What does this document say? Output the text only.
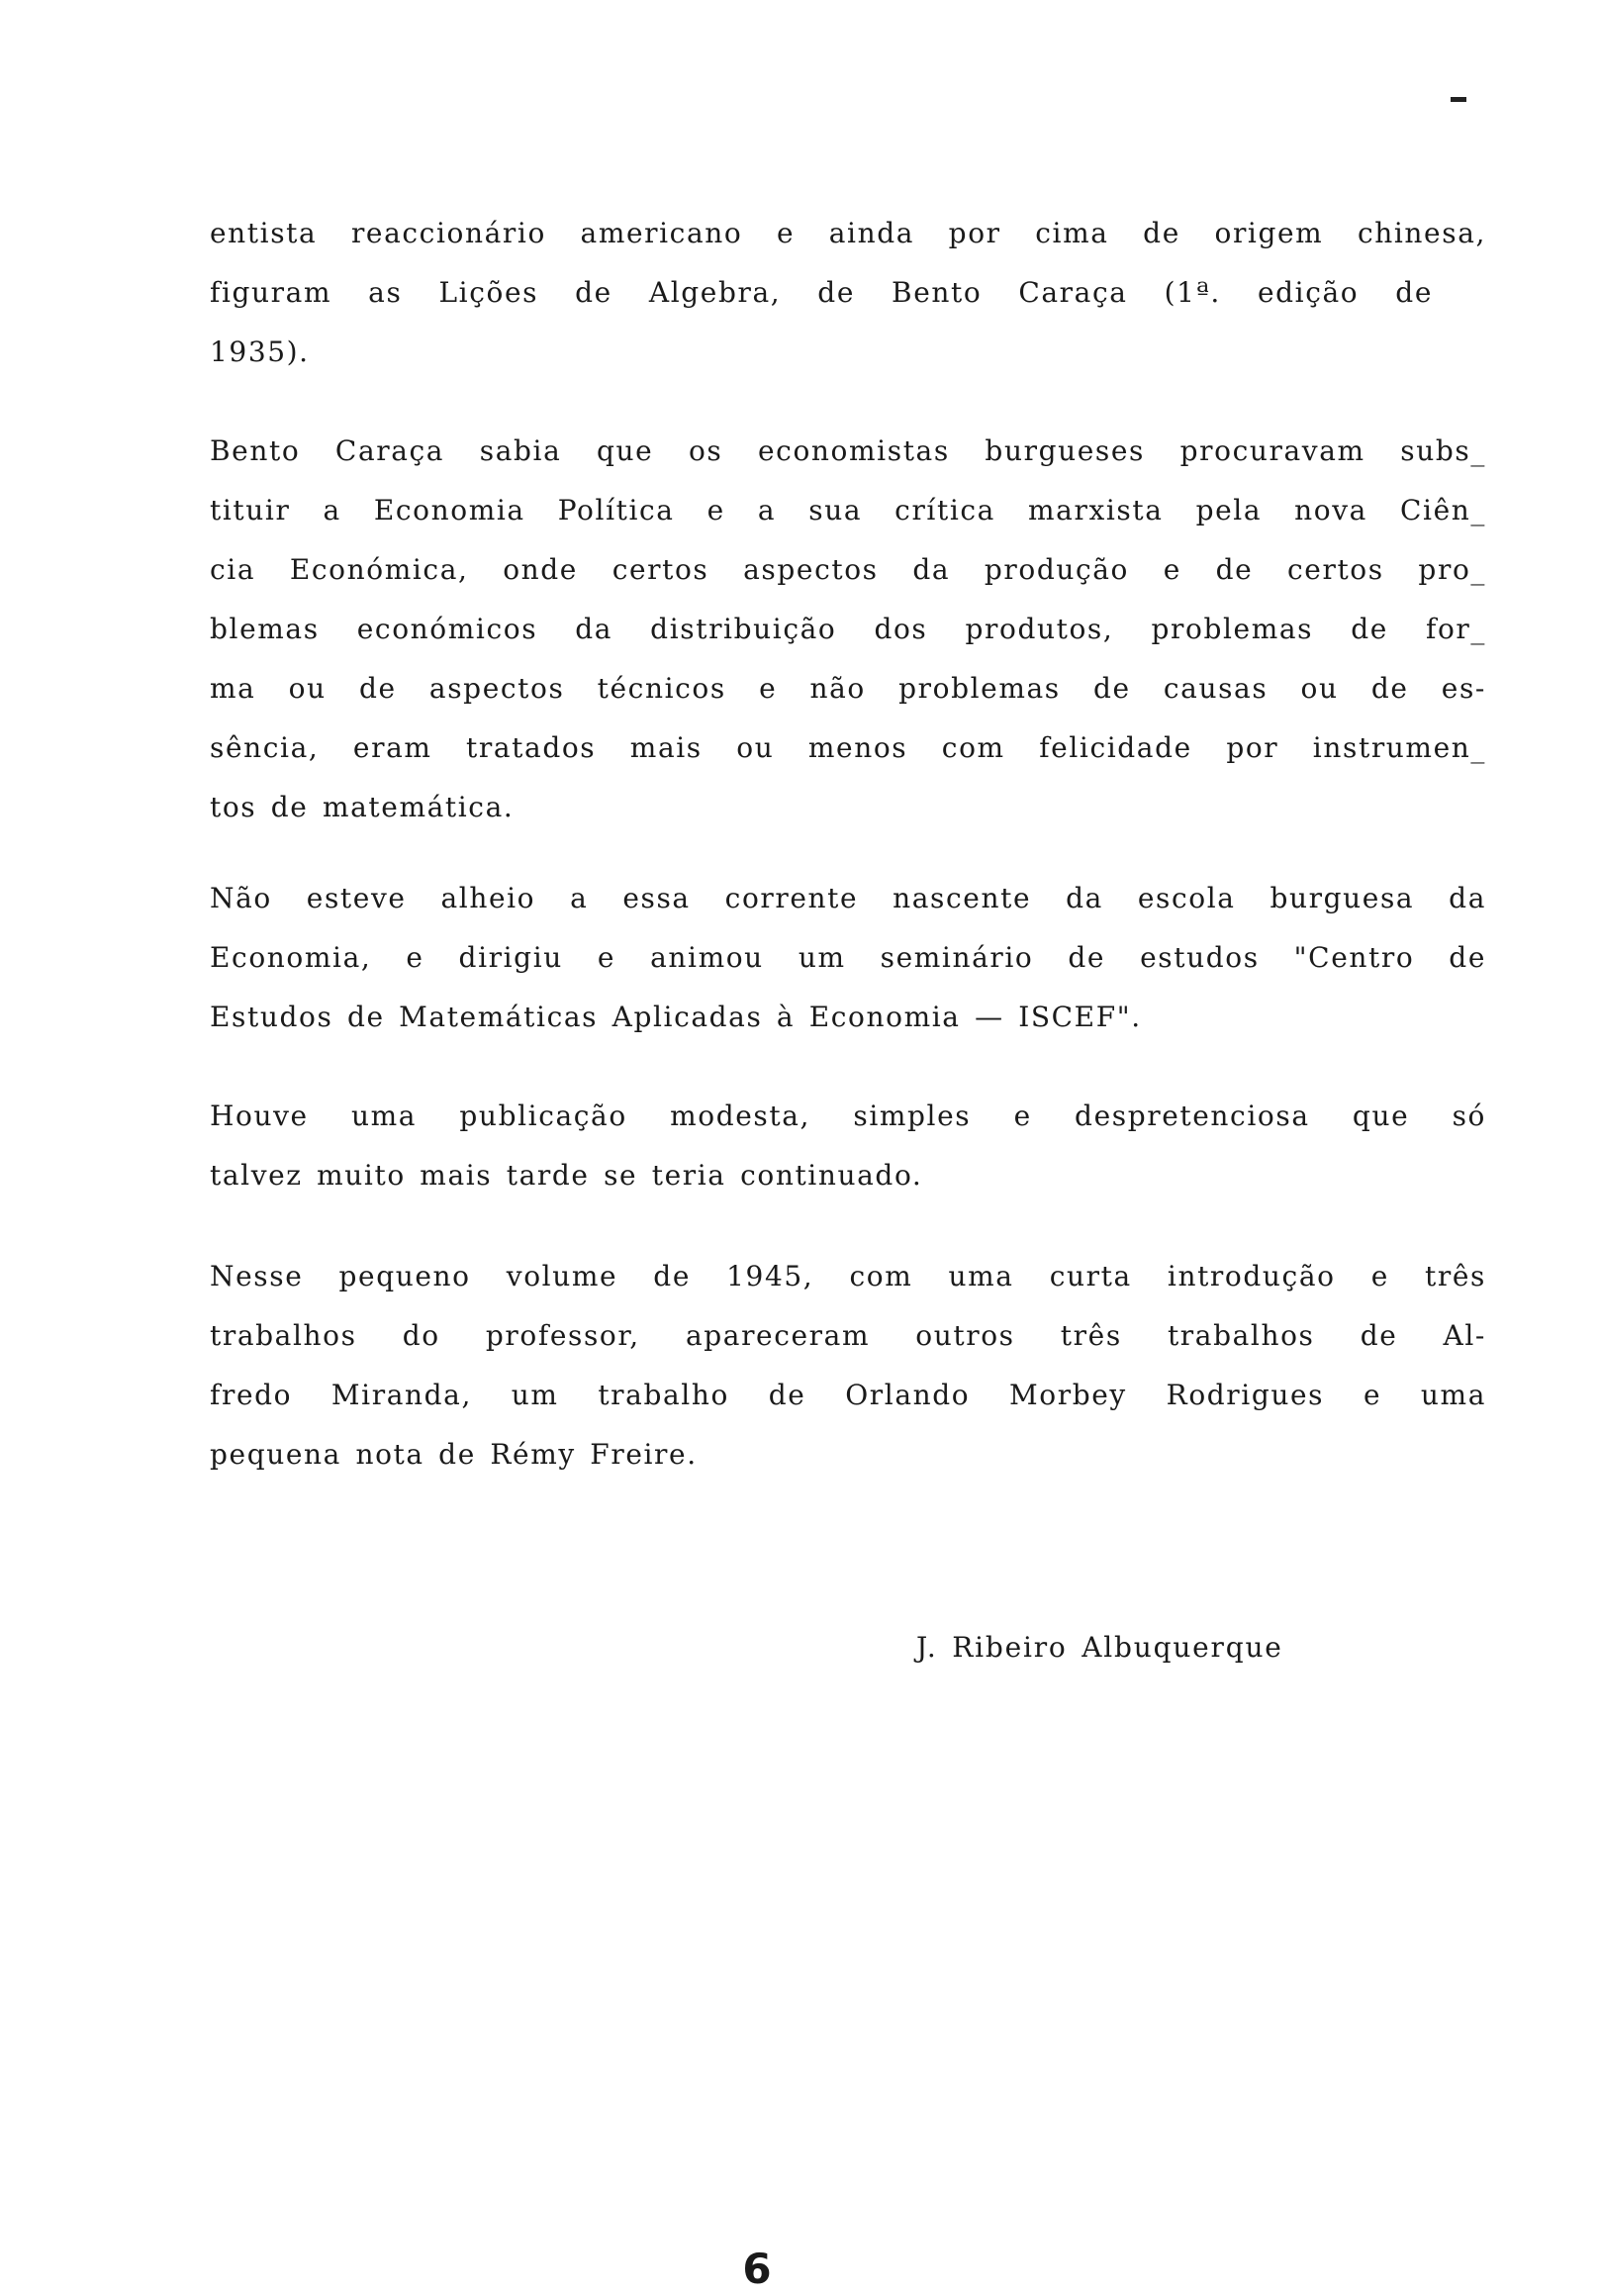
entista reaccionário americano e ainda por cima de origem chinesa,
figuram as Lições de Algebra, de Bento Caraça (1ª. edição de
1935).
Bento Caraça sabia que os economistas burgueses procuravam subs_
tituir a Economia Política e a sua crítica marxista pela nova Ciên_
cia Económica, onde certos aspectos da produção e de certos pro_
blemas económicos da distribuição dos produtos, problemas de for_
ma ou de aspectos técnicos e não problemas de causas ou de es-
sência, eram tratados mais ou menos com felicidade por instrumen_
tos de matemática.
Não esteve alheio a essa corrente nascente da escola burguesa da
Economia, e dirigiu e animou um seminário de estudos "Centro de
Estudos de Matemáticas Aplicadas à Economia — ISCEF".
Houve uma publicação modesta, simples e despretenciosa que só
talvez muito mais tarde se teria continuado.
Nesse pequeno volume de 1945, com uma curta introdução e três
trabalhos do professor, apareceram outros três trabalhos de Al-
fredo Miranda, um trabalho de Orlando Morbey Rodrigues e uma
pequena nota de Rémy Freire.
J. Ribeiro Albuquerque
6
